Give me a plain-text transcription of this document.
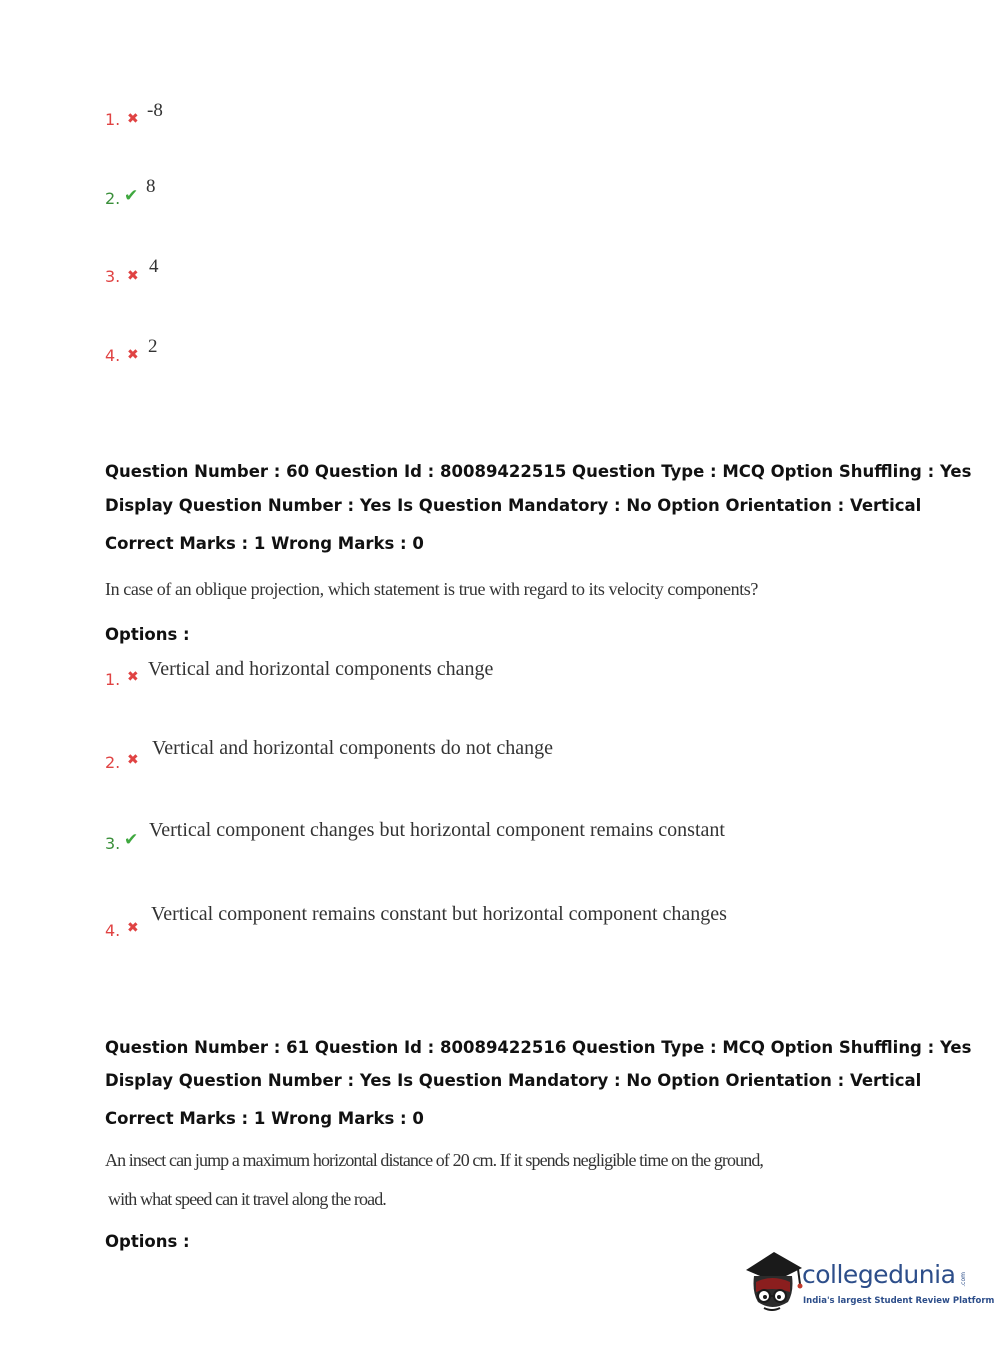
1. ✖ -8
2. ✔ 8
3. ✖ 4
4. ✖ 2
Question Number : 60 Question Id : 80089422515 Question Type : MCQ Option Shuffling : Yes
Display Question Number : Yes Is Question Mandatory : No Option Orientation : Vertical
Correct Marks : 1 Wrong Marks : 0
In case of an oblique projection, which statement is true with regard to its velocity components?
Options :
1. ✖ Vertical and horizontal components change
2. ✖
Vertical and horizontal components do not change
3. ✔ Vertical component changes but horizontal component remains constant
4. ✖
Vertical component remains constant but horizontal component changes
Question Number : 61 Question Id : 80089422516 Question Type : MCQ Option Shuffling : Yes
Display Question Number : Yes Is Question Mandatory : No Option Orientation : Vertical
Correct Marks : 1 Wrong Marks : 0
An insect can jump a maximum horizontal distance of 20 cm. If it spends negligible time on the ground,
with what speed can it travel along the road.
Options :
collegedunia .com
India's largest Student Review Platform
